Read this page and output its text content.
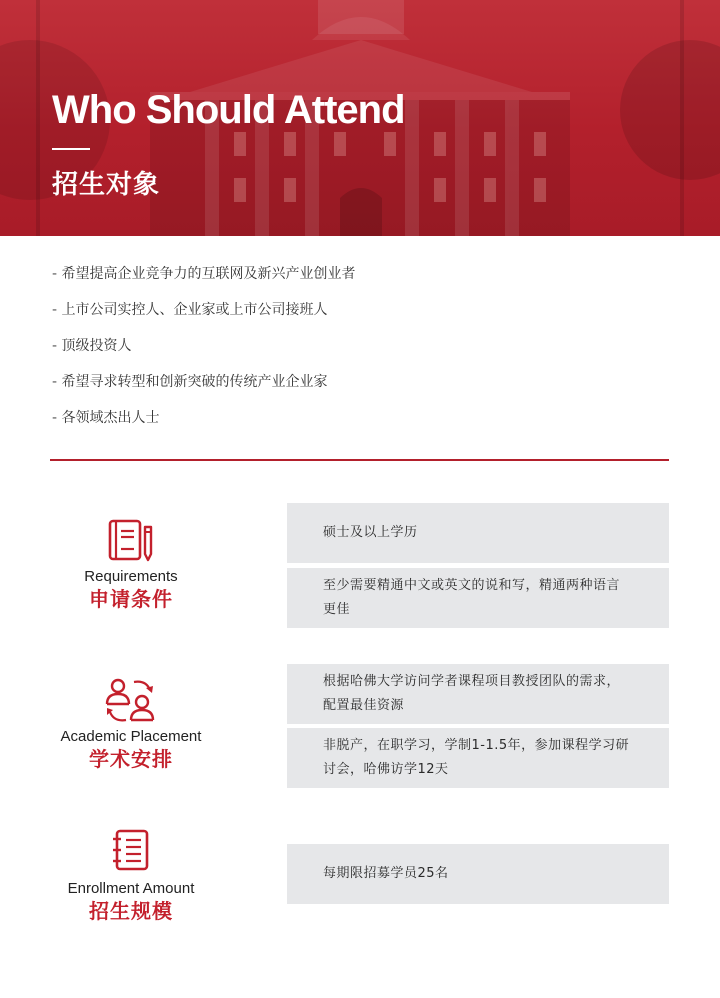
Who Should Attend
招生对象
- 希望提高企业竞争力的互联网及新兴产业创业者
- 上市公司实控人、企业家或上市公司接班人
- 顶级投资人
- 希望寻求转型和创新突破的传统产业企业家
- 各领域杰出人士
Requirements
申请条件
硕士及以上学历
至少需要精通中文或英文的说和写，精通两种语言更佳
Academic Placement
学术安排
根据哈佛大学访问学者课程项目教授团队的需求，配置最佳资源
非脱产，在职学习，学制1-1.5年，参加课程学习研讨会，哈佛访学12天
Enrollment Amount
招生规模
每期限招募学员25名
